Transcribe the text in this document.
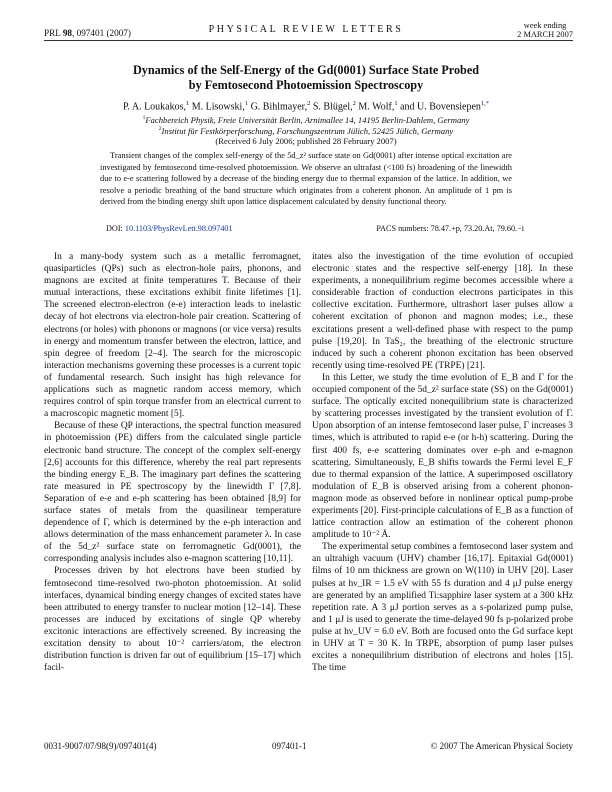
PRL 98, 097401 (2007)	PHYSICAL REVIEW LETTERS	week ending
2 MARCH 2007
Dynamics of the Self-Energy of the Gd(0001) Surface State Probed
by Femtosecond Photoemission Spectroscopy
P. A. Loukakos,$^1$ M. Lisowski,$^1$ G. Bihlmayer,$^2$ S. Blügel,$^2$ M. Wolf,$^1$ and U. Bovensiepen$^{1,*}$
$^1$Fachbereich Physik, Freie Universität Berlin, Arnimallee 14, 14195 Berlin-Dahlem, Germany
$^2$Institut für Festkörperforschung, Forschungszentrum Jülich, 52425 Jülich, Germany
(Received 6 July 2006; published 28 February 2007)
Transient changes of the complex self-energy of the 5d_z² surface state on Gd(0001) after intense optical excitation are investigated by femtosecond time-resolved photoemission. We observe an ultrafast (<100 fs) broadening of the linewidth due to e-e scattering followed by a decrease of the binding energy due to thermal expansion of the lattice. In addition, we resolve a periodic breathing of the band structure which originates from a coherent phonon. An amplitude of 1 pm is derived from the binding energy shift upon lattice displacement calculated by density functional theory.
DOI: 10.1103/PhysRevLett.98.097401	PACS numbers: 78.47.+p, 73.20.At, 79.60.−i

In a many-body system such as a metallic ferromagnet, quasiparticles (QPs) such as electron-hole pairs, phonons, and magnons are excited at finite temperatures T. Because of their mutual interactions, these excitations exhibit finite lifetimes [1]. The screened electron-electron (e-e) interaction leads to inelastic decay of hot electrons via electron-hole pair creation. Scattering of electrons (or holes) with phonons or magnons (or vice versa) results in energy and momentum transfer between the electron, lattice, and spin degree of freedom [2–4]. The search for the microscopic interaction mechanisms governing these processes is a current topic of fundamental research. Such insight has high relevance for applications such as magnetic random access memory, which requires control of spin torque transfer from an electrical current to a macroscopic magnetic moment [5].

Because of these QP interactions, the spectral function measured in photoemission (PE) differs from the calculated single particle electronic band structure. The concept of the complex self-energy [2,6] accounts for this difference, whereby the real part represents the binding energy E_B. The imaginary part defines the scattering rate measured in PE spectroscopy by the linewidth Γ [7,8]. Separation of e-e and e-ph scattering has been obtained [8,9] for surface states of metals from the quasilinear temperature dependence of Γ, which is determined by the e-ph interaction and allows determination of the mass enhancement parameter λ. In case of the 5d_z² surface state on ferromagnetic Gd(0001), the corresponding analysis includes also e-magnon scattering [10,11].

Processes driven by hot electrons have been studied by femtosecond time-resolved two-photon photoemission. At solid interfaces, dynamical binding energy changes of excited states have been attributed to energy transfer to nuclear motion [12–14]. These processes are induced by excitations of single QP whereby excitonic interactions are effectively screened. By increasing the excitation density to about 10⁻² carriers/atom, the electron distribution function is driven far out of equilibrium [15–17] which facil-

itates also the investigation of the time evolution of occupied electronic states and the respective self-energy [18]. In these experiments, a nonequilibrium regime becomes accessible where a considerable fraction of conduction electrons participates in this collective excitation. Furthermore, ultrashort laser pulses allow a coherent excitation of phonon and magnon modes; i.e., these excitations present a well-defined phase with respect to the pump pulse [19,20]. In TaS₂, the breathing of the electronic structure induced by such a coherent phonon excitation has been observed recently using time-resolved PE (TRPE) [21].

In this Letter, we study the time evolution of E_B and Γ for the occupied component of the 5d_z² surface state (SS) on the Gd(0001) surface. The optically excited nonequilibrium state is characterized by scattering processes investigated by the transient evolution of Γ. Upon absorption of an intense femtosecond laser pulse, Γ increases 3 times, which is attributed to rapid e-e (or h-h) scattering. During the first 400 fs, e-e scattering dominates over e-ph and e-magnon scattering. Simultaneously, E_B shifts towards the Fermi level E_F due to thermal expansion of the lattice. A superimposed oscillatory modulation of E_B is observed arising from a coherent phonon-magnon mode as observed before in nonlinear optical pump-probe experiments [20]. First-principle calculations of E_B as a function of lattice contraction allow an estimation of the coherent phonon amplitude to 10⁻² Å.

The experimental setup combines a femtosecond laser system and an ultrahigh vacuum (UHV) chamber [16,17]. Epitaxial Gd(0001) films of 10 nm thickness are grown on W(110) in UHV [20]. Laser pulses at hν_IR = 1.5 eV with 55 fs duration and 4 μJ pulse energy are generated by an amplified Ti:sapphire laser system at a 300 kHz repetition rate. A 3 μJ portion serves as a s-polarized pump pulse, and 1 μJ is used to generate the time-delayed 90 fs p-polarized probe pulse at hν_UV = 6.0 eV. Both are focused onto the Gd surface kept in UHV at T = 30 K. In TRPE, absorption of pump laser pulses excites a nonequilibrium distribution of electrons and holes [15]. The time

0031-9007/07/98(9)/097401(4)	097401-1	© 2007 The American Physical Society
